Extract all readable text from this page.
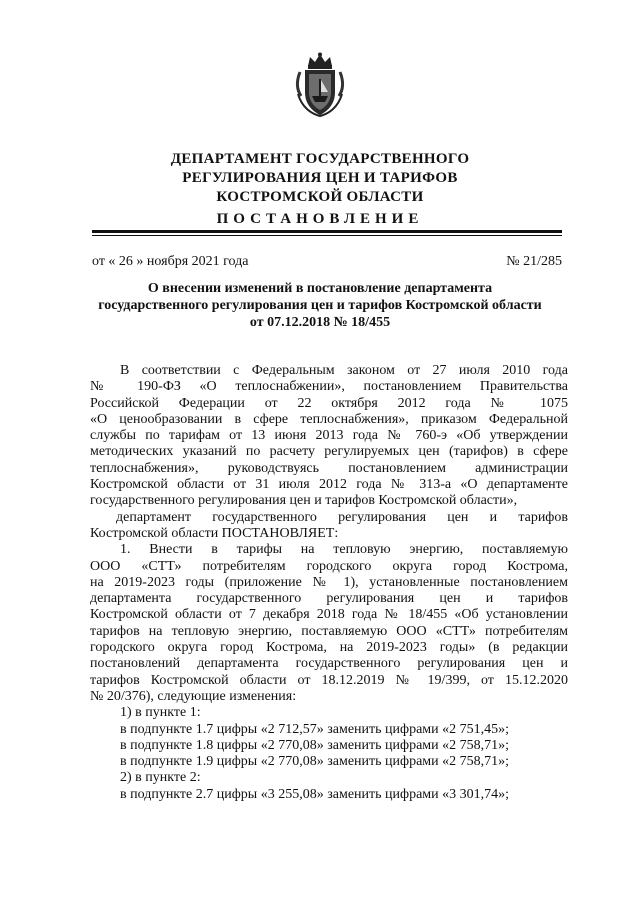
ДЕПАРТАМЕНТ ГОСУДАРСТВЕННОГО
РЕГУЛИРОВАНИЯ ЦЕН И ТАРИФОВ
КОСТРОМСКОЙ ОБЛАСТИ
ПОСТАНОВЛЕНИЕ
от « 26 » ноября 2021 года	№ 21/285
О внесении изменений в постановление департамента
государственного регулирования цен и тарифов Костромской области
от 07.12.2018 № 18/455
В соответствии с Федеральным законом от 27 июля 2010 года
№ 190-ФЗ «О теплоснабжении», постановлением Правительства
Российской Федерации от 22 октября 2012 года № 1075
«О ценообразовании в сфере теплоснабжения», приказом Федеральной
службы по тарифам от 13 июня 2013 года № 760-э «Об утверждении
методических указаний по расчету регулируемых цен (тарифов) в сфере
теплоснабжения», руководствуясь постановлением администрации
Костромской области от 31 июля 2012 года № 313-а «О департаменте
государственного регулирования цен и тарифов Костромской области»,
департамент государственного регулирования цен и тарифов
Костромской области ПОСТАНОВЛЯЕТ:
1. Внести в тарифы на тепловую энергию, поставляемую
ООО «СТТ» потребителям городского округа город Кострома,
на 2019-2023 годы (приложение № 1), установленные постановлением
департамента государственного регулирования цен и тарифов
Костромской области от 7 декабря 2018 года № 18/455 «Об установлении
тарифов на тепловую энергию, поставляемую ООО «СТТ» потребителям
городского округа город Кострома, на 2019-2023 годы» (в редакции
постановлений департамента государственного регулирования цен и
тарифов Костромской области от 18.12.2019 № 19/399, от 15.12.2020
№ 20/376), следующие изменения:
1) в пункте 1:
в подпункте 1.7 цифры «2 712,57» заменить цифрами «2 751,45»;
в подпункте 1.8 цифры «2 770,08» заменить цифрами «2 758,71»;
в подпункте 1.9 цифры «2 770,08» заменить цифрами «2 758,71»;
2) в пункте 2:
в подпункте 2.7 цифры «3 255,08» заменить цифрами «3 301,74»;
